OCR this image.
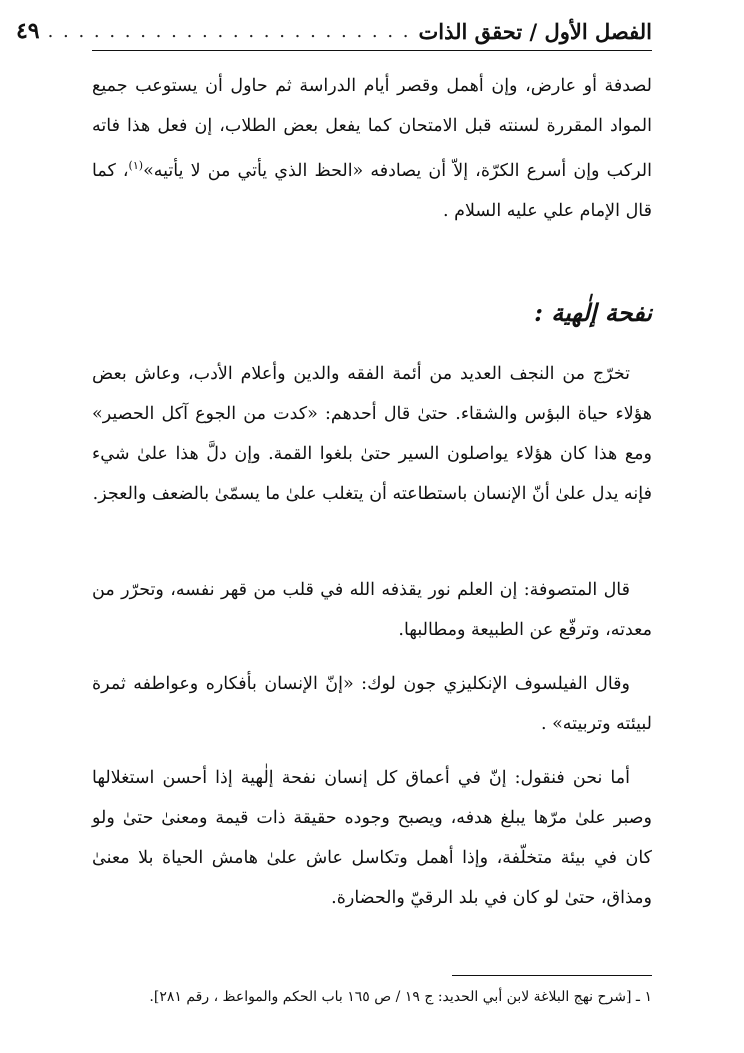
الفصل الأول / تحقق الذات
. . . . . . . . . . . . . . . . . . . . . . . .
٤٩
لصدفة أو عارض، وإن أهمل وقصر أيام الدراسة ثم حاول أن يستوعب جميع المواد المقررة لسنته قبل الامتحان كما يفعل بعض الطلاب، إن فعل هذا فاته الركب وإن أسرع الكرّة، إلاّ أن يصادفه «الحظ الذي يأتي من لا يأتيه»$^{(١)}$، كما قال الإمام علي عليه السلام .
نفحة إلٰهية :
تخرّج من النجف العديد من أئمة الفقه والدين وأعلام الأدب، وعاش بعض هؤلاء حياة البؤس والشقاء. حتىٰ قال أحدهم: «كدت من الجوع آكل الحصير» ومع هذا كان هؤلاء يواصلون السير حتىٰ بلغوا القمة. وإن دلَّ هذا علىٰ شيء فإنه يدل علىٰ أنّ الإنسان باستطاعته أن يتغلب علىٰ ما يسمّىٰ بالضعف والعجز.
قال المتصوفة: إن العلم نور يقذفه الله في قلب من قهر نفسه، وتحرّر من معدته، وترفّع عن الطبيعة ومطالبها.
وقال الفيلسوف الإنكليزي جون لوك: «إنّ الإنسان بأفكاره وعواطفه ثمرة لبيئته وتربيته» .
أما نحن فنقول: إنّ في أعماق كل إنسان نفحة إلٰهية إذا أحسن استغلالها وصبر علىٰ مرّها يبلغ هدفه، ويصبح وجوده حقيقة ذات قيمة ومعنىٰ حتىٰ ولو كان في بيئة متخلّفة، وإذا أهمل وتكاسل عاش علىٰ هامش الحياة بلا معنىٰ ومذاق، حتىٰ لو كان في بلد الرقيّ والحضارة.
١ ـ [شرح نهج البلاغة لابن أبي الحديد: ج ١٩ / ص ١٦٥ باب الحكم والمواعظ ، رقم ٢٨١].
